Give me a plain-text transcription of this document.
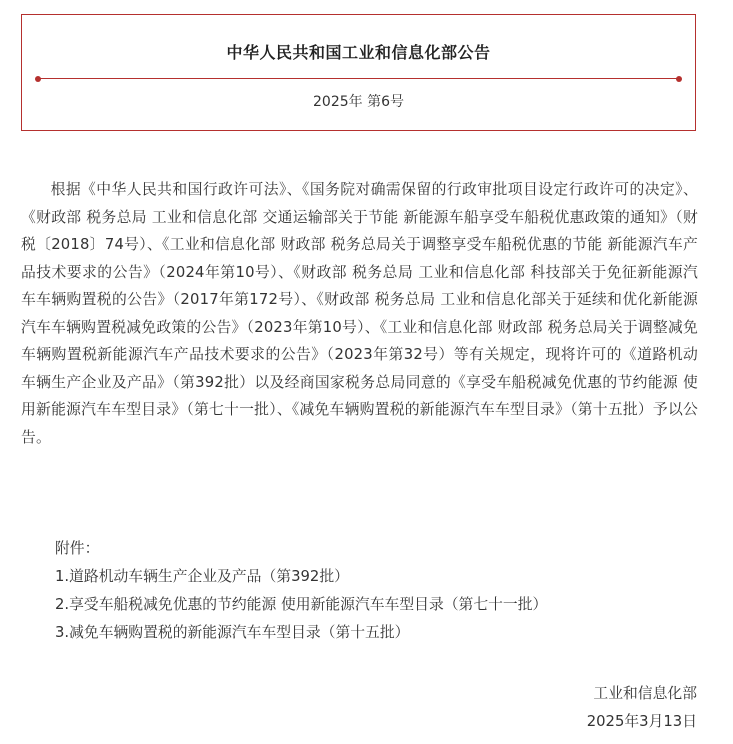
中华人民共和国工业和信息化部公告
2025年 第6号

根据《中华人民共和国行政许可法》、《国务院对确需保留的行政审批项目设定行政许可的决定》、《财政部 税务总局 工业和信息化部 交通运输部关于节能 新能源车船享受车船税优惠政策的通知》（财税〔2018〕74号）、《工业和信息化部 财政部 税务总局关于调整享受车船税优惠的节能 新能源汽车产品技术要求的公告》（2024年第10号）、《财政部 税务总局 工业和信息化部 科技部关于免征新能源汽车车辆购置税的公告》（2017年第172号）、《财政部 税务总局 工业和信息化部关于延续和优化新能源汽车车辆购置税减免政策的公告》（2023年第10号）、《工业和信息化部 财政部 税务总局关于调整减免车辆购置税新能源汽车产品技术要求的公告》（2023年第32号）等有关规定，现将许可的《道路机动车辆生产企业及产品》（第392批）以及经商国家税务总局同意的《享受车船税减免优惠的节约能源 使用新能源汽车车型目录》（第七十一批）、《减免车辆购置税的新能源汽车车型目录》（第十五批）予以公告。

附件：
1.道路机动车辆生产企业及产品（第392批）
2.享受车船税减免优惠的节约能源 使用新能源汽车车型目录（第七十一批）
3.减免车辆购置税的新能源汽车车型目录（第十五批）
工业和信息化部
2025年3月13日
